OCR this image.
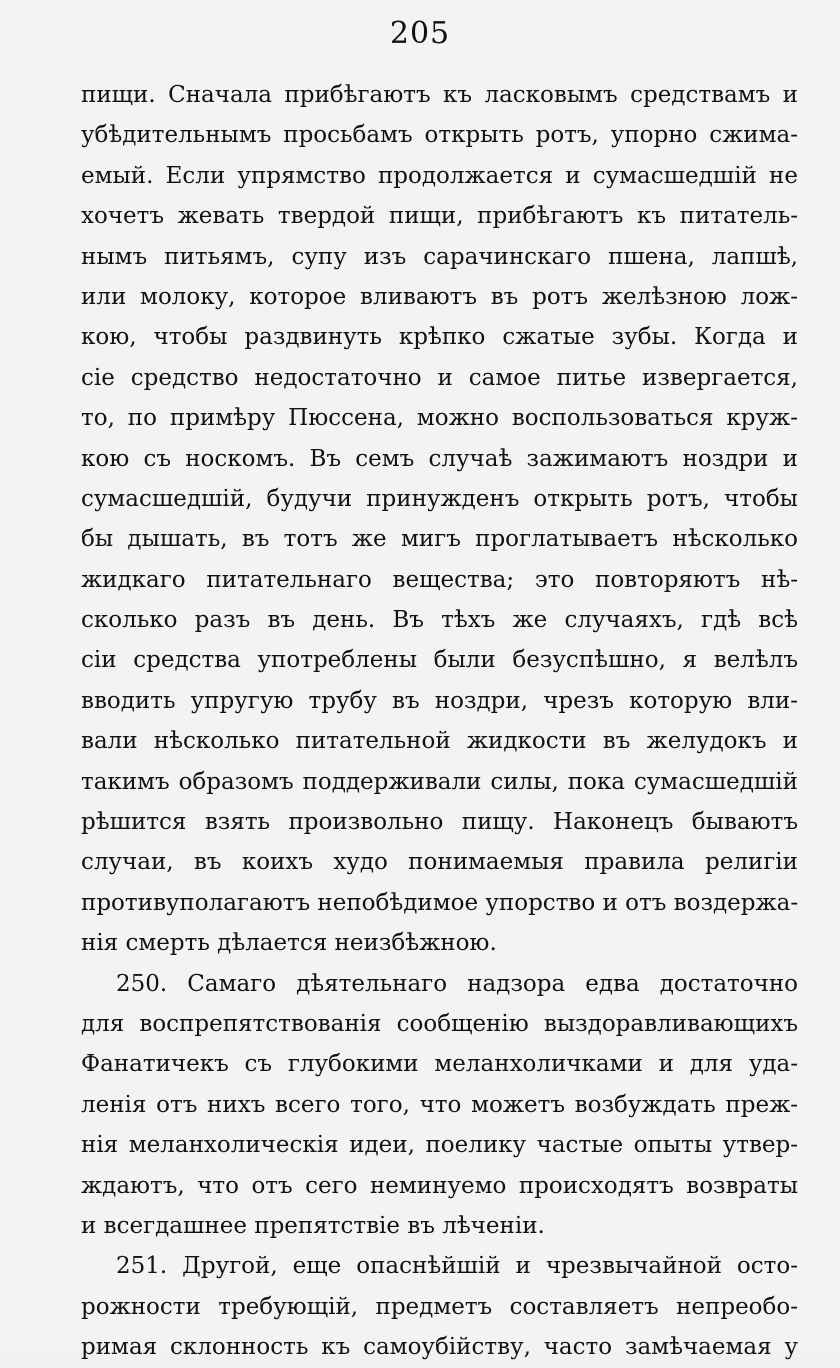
205
пищи. Сначала прибѣгаютъ къ ласковымъ средствамъ и
убѣдительнымъ просьбамъ открыть ротъ, упорно сжима-
емый. Если упрямство продолжается и сумасшедшій не
хочетъ жевать твердой пищи, прибѣгаютъ къ питатель-
нымъ питьямъ, супу изъ сарачинскаго пшена, лапшѣ,
или молоку, которое вливаютъ въ ротъ желѣзною лож-
кою, чтобы раздвинуть крѣпко сжатые зубы. Когда и
сіе средство недостаточно и самое питье извергается,
то, по примѣру Пюссена, можно воспользоваться круж-
кою съ носкомъ. Въ семъ случаѣ зажимаютъ ноздри и
сумасшедшій, будучи принужденъ открыть ротъ, чтобы
бы дышать, въ тотъ же мигъ проглатываетъ нѣсколько
жидкаго питательнаго вещества; это повторяютъ нѣ-
сколько разъ въ день. Въ тѣхъ же случаяхъ, гдѣ всѣ
сіи средства употреблены были безуспѣшно, я велѣлъ
вводить упругую трубу въ ноздри, чрезъ которую вли-
вали нѣсколько питательной жидкости въ желудокъ и
такимъ образомъ поддерживали силы, пока сумасшедшій
рѣшится взять произвольно пищу. Наконецъ бываютъ
случаи, въ коихъ худо понимаемыя правила религіи
противуполагаютъ непобѣдимое упорство и отъ воздержа-
нія смерть дѣлается неизбѣжною.
250. Самаго дѣятельнаго надзора едва достаточно
для воспрепятствованія сообщенію выздоравливающихъ
Фанатичекъ съ глубокими меланхоличками и для уда-
ленія отъ нихъ всего того, что можетъ возбуждать преж-
нія меланхолическія идеи, поелику частые опыты утвер-
ждаютъ, что отъ сего неминуемо происходятъ возвраты
и всегдашнее препятствіе въ лѣченіи.
251. Другой, еще опаснѣйшій и чрезвычайной осто-
рожности требующій, предметъ составляетъ непреобо-
римая склонность къ самоубійству, часто замѣчаемая у
